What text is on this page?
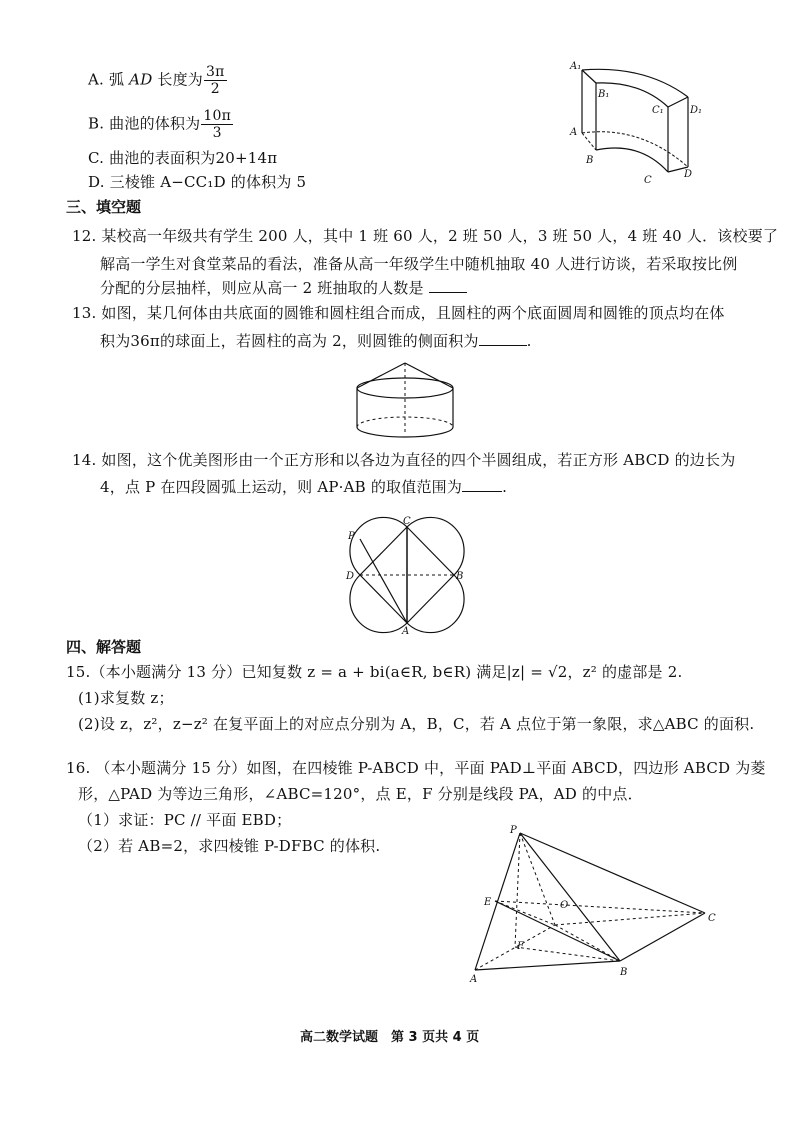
A. 弧 AD 长度为 $\frac{3\pi}{2}$
B. 曲池的体积为 $\frac{10\pi}{3}$
C. 曲池的表面积为20+14π
D. 三棱锥 A−CC₁D 的体积为 5
A₁
B₁
C₁	D₁
A
B
C
D
三、填空题
12. 某校高一年级共有学生 200 人，其中 1 班 60 人，2 班 50 人，3 班 50 人，4 班 40 人．该校要了
解高一学生对食堂菜品的看法，准备从高一年级学生中随机抽取 40 人进行访谈，若采取按比例
分配的分层抽样，则应从高一 2 班抽取的人数是
13. 如图，某几何体由共底面的圆锥和圆柱组合而成，且圆柱的两个底面圆周和圆锥的顶点均在体
积为36π的球面上，若圆柱的高为 2，则圆锥的侧面积为	.
14. 如图，这个优美图形由一个正方形和以各边为直径的四个半圆组成，若正方形 ABCD 的边长为
4，点 P 在四段圆弧上运动，则 AP·AB 的取值范围为	.
C
P
D	B
A
四、解答题
15.（本小题满分 13 分）已知复数 z = a + bi(a∈R, b∈R) 满足|z| = √2，z² 的虚部是 2.
(1)求复数 z；
(2)设 z，z²，z−z² 在复平面上的对应点分别为 A，B，C，若 A 点位于第一象限，求△ABC 的面积.
16. （本小题满分 15 分）如图，在四棱锥 P-ABCD 中，平面 PAD⊥平面 ABCD，四边形 ABCD 为菱
形，△PAD 为等边三角形，∠ABC=120°，点 E，F 分别是线段 PA，AD 的中点．
（1）求证：PC // 平面 EBD；
（2）若 AB=2，求四棱锥 P-DFBC 的体积.
P
E	O
C
F
A
B
高二数学试题　第 3 页共 4 页
